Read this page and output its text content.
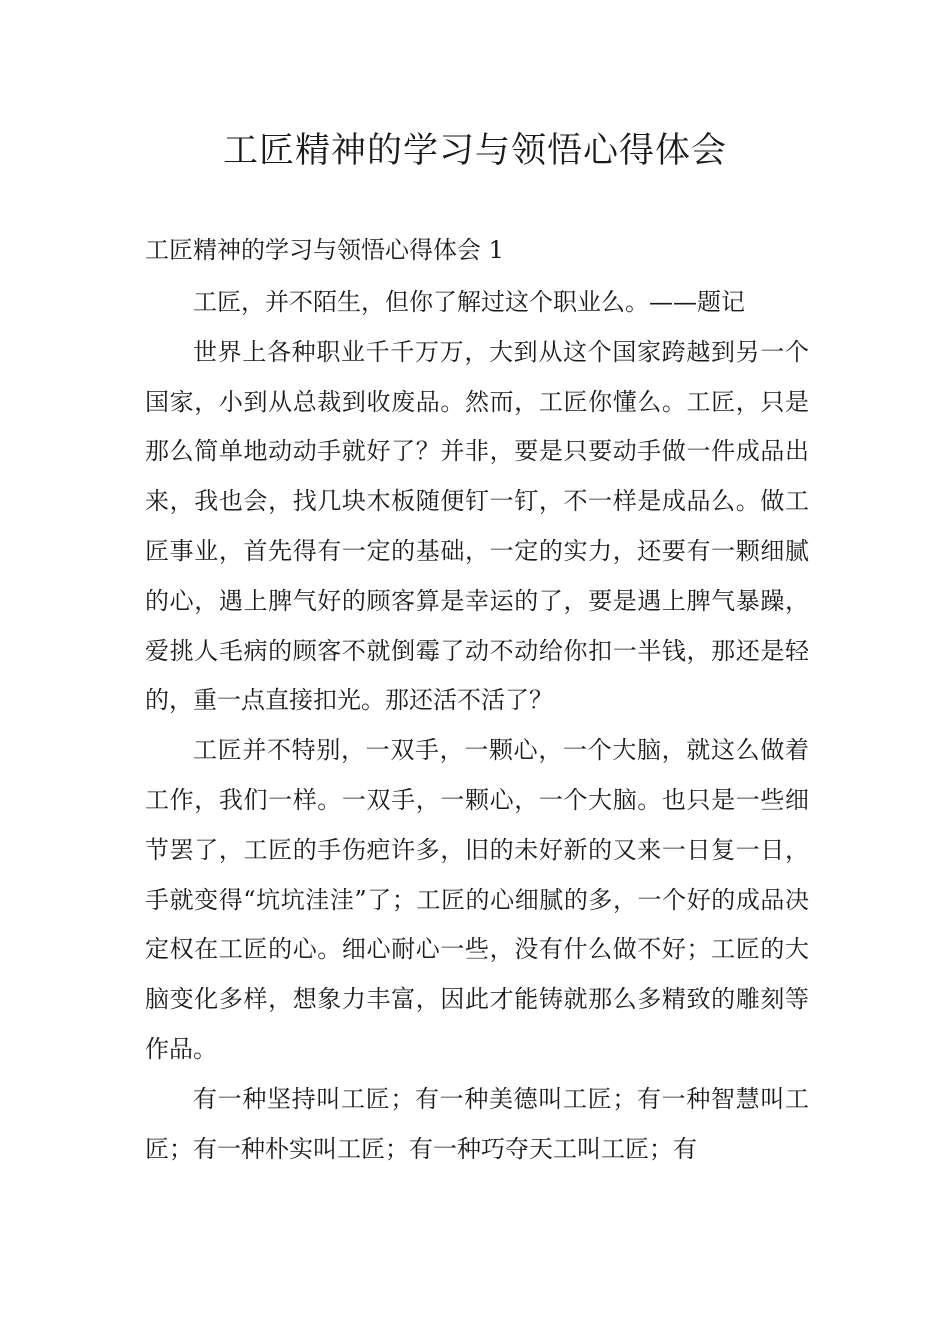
工匠精神的学习与领悟心得体会

工匠精神的学习与领悟心得体会 1

工匠，并不陌生，但你了解过这个职业么。——题记

世界上各种职业千千万万，大到从这个国家跨越到另一个国家，小到从总裁到收废品。然而，工匠你懂么。工匠，只是那么简单地动动手就好了？并非，要是只要动手做一件成品出来，我也会，找几块木板随便钉一钉，不一样是成品么。做工匠事业，首先得有一定的基础，一定的实力，还要有一颗细腻的心，遇上脾气好的顾客算是幸运的了，要是遇上脾气暴躁，爱挑人毛病的顾客不就倒霉了动不动给你扣一半钱，那还是轻的，重一点直接扣光。那还活不活了？

工匠并不特别，一双手，一颗心，一个大脑，就这么做着工作，我们一样。一双手，一颗心，一个大脑。也只是一些细节罢了，工匠的手伤疤许多，旧的未好新的又来一日复一日，手就变得“坑坑洼洼”了；工匠的心细腻的多，一个好的成品决定权在工匠的心。细心耐心一些，没有什么做不好；工匠的大脑变化多样，想象力丰富，因此才能铸就那么多精致的雕刻等作品。

有一种坚持叫工匠；有一种美德叫工匠；有一种智慧叫工匠；有一种朴实叫工匠；有一种巧夺天工叫工匠；有
